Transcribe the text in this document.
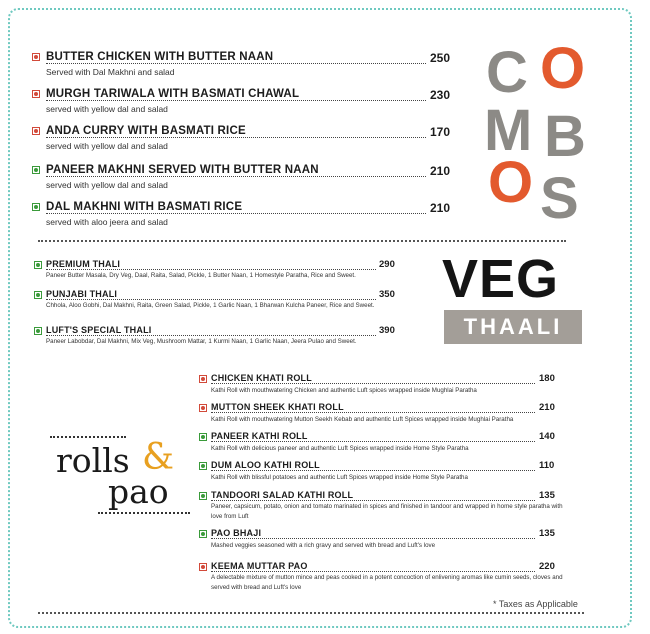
BUTTER CHICKEN WITH BUTTER NAAN	250
Served with Dal Makhni and salad
MURGH TARIWALA WITH BASMATI CHAWAL	230
served with yellow dal and salad
ANDA CURRY WITH BASMATI RICE	170
served with yellow dal and salad
PANEER MAKHNI SERVED WITH BUTTER NAAN	210
served with yellow dal and salad
DAL MAKHNI WITH BASMATI RICE	210
served with aloo jeera and salad
C O
M B
O S
PREMIUM THALI	290
Paneer Butter Masala, Dry Veg, Daal, Raita, Salad, Pickle, 1 Butter Naan, 1 Homestyle Paratha, Rice and Sweet.
PUNJABI THALI	350
Chhola, Aloo Gobhi, Dal Makhni, Raita, Green Salad, Pickle, 1 Garlic Naan, 1 Bharwan Kulcha Paneer, Rice and Sweet.
LUFT'S SPECIAL THALI	390
Paneer Labobdar, Dal Makhni, Mix Veg, Mushroom Mattar, 1 Kurmi Naan, 1 Garlic Naan, Jeera Pulao and Sweet.
VEG
THAALI
rolls &
pao
CHICKEN KHATI ROLL	180
Kathi Roll with mouthwatering Chicken and authentic Luft spices wrapped inside Mughlai Paratha
MUTTON SHEEK KHATI ROLL	210
Kathi Roll with mouthwatering Mutton Seekh Kebab and authentic Luft Spices wrapped inside Mughlai Paratha
PANEER KATHI ROLL	140
Kathi Roll with delicious paneer and authentic Luft Spices wrapped inside Home Style Paratha
DUM ALOO KATHI ROLL	110
Kathi Roll with blissful potatoes and authentic Luft Spices wrapped inside Home Style Paratha
TANDOORI SALAD KATHI ROLL	135
Paneer, capsicum, potato, onion and tomato marinated in spices and finished in tandoor and wrapped in home style paratha with love from Luft
PAO BHAJI	135
Mashed veggies seasoned with a rich gravy and served with bread and Luft's love
KEEMA MUTTAR PAO	220
A delectable mixture of mutton mince and peas cooked in a potent concoction of enlivening aromas like cumin seeds, cloves and served with bread and Luft's love
* Taxes as Applicable
